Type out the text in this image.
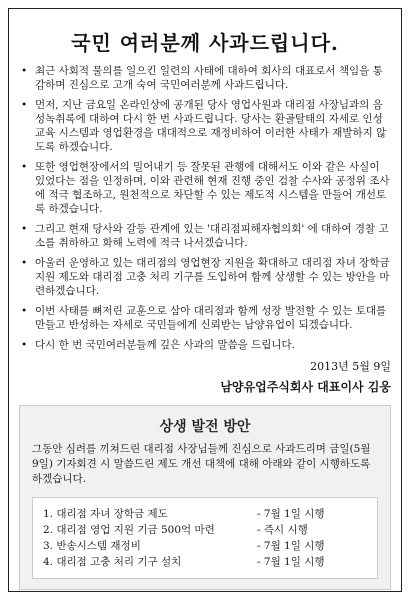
국민 여러분께 사과드립니다.
• 최근 사회적 물의를 일으킨 일련의 사태에 대하여 회사의 대표로서 책임을 통감하며 진심으로 고개 숙여 국민여러분께 사과드립니다.
• 먼저, 지난 금요일 온라인상에 공개된 당사 영업사원과 대리점 사장님과의 음성녹취록에 대하여 다시 한 번 사과드립니다. 당사는 환골탈태의 자세로 인성교육 시스템과 영업환경을 대대적으로 재정비하여 이러한 사태가 재발하지 않도록 하겠습니다.
• 또한 영업현장에서의 밀어내기 등 잘못된 관행에 대해서도 이와 같은 사실이 있었다는 점을 인정하며, 이와 관련해 현재 진행 중인 검찰 수사와 공정위 조사에 적극 협조하고, 원천적으로 차단할 수 있는 제도적 시스템을 만들어 개선토록 하겠습니다.
• 그리고 현재 당사와 갈등 관계에 있는 '대리점피해자협의회' 에 대하여 경찰 고소를 취하하고 화해 노력에 적극 나서겠습니다.
• 아울러 운영하고 있는 대리점의 영업현장 지원을 확대하고 대리점 자녀 장학금 지원 제도와 대리점 고충 처리 기구를 도입하여 함께 상생할 수 있는 방안을 마련하겠습니다.
• 이번 사태를 뼈저린 교훈으로 삼아 대리점과 함께 성장 발전할 수 있는 토대를 만들고 반성하는 자세로 국민들에게 신뢰받는 남양유업이 되겠습니다.
• 다시 한 번 국민여러분들께 깊은 사과의 말씀을 드립니다.
2013년 5월 9일
남양유업주식회사 대표이사 김웅
상생 발전 방안
그동안 심려를 끼쳐드린 대리점 사장님들께 진심으로 사과드리며 금일(5월 9일) 기자회견 시 말씀드린 제도 개선 대책에 대해 아래와 같이 시행하도록 하겠습니다.
1. 대리점 자녀 장학금 제도	- 7월 1일 시행
2. 대리점 영업 지원 기금 500억 마련	- 즉시 시행
3. 반송시스템 재정비	- 7월 1일 시행
4. 대리점 고충 처리 기구 설치	- 7월 1일 시행
